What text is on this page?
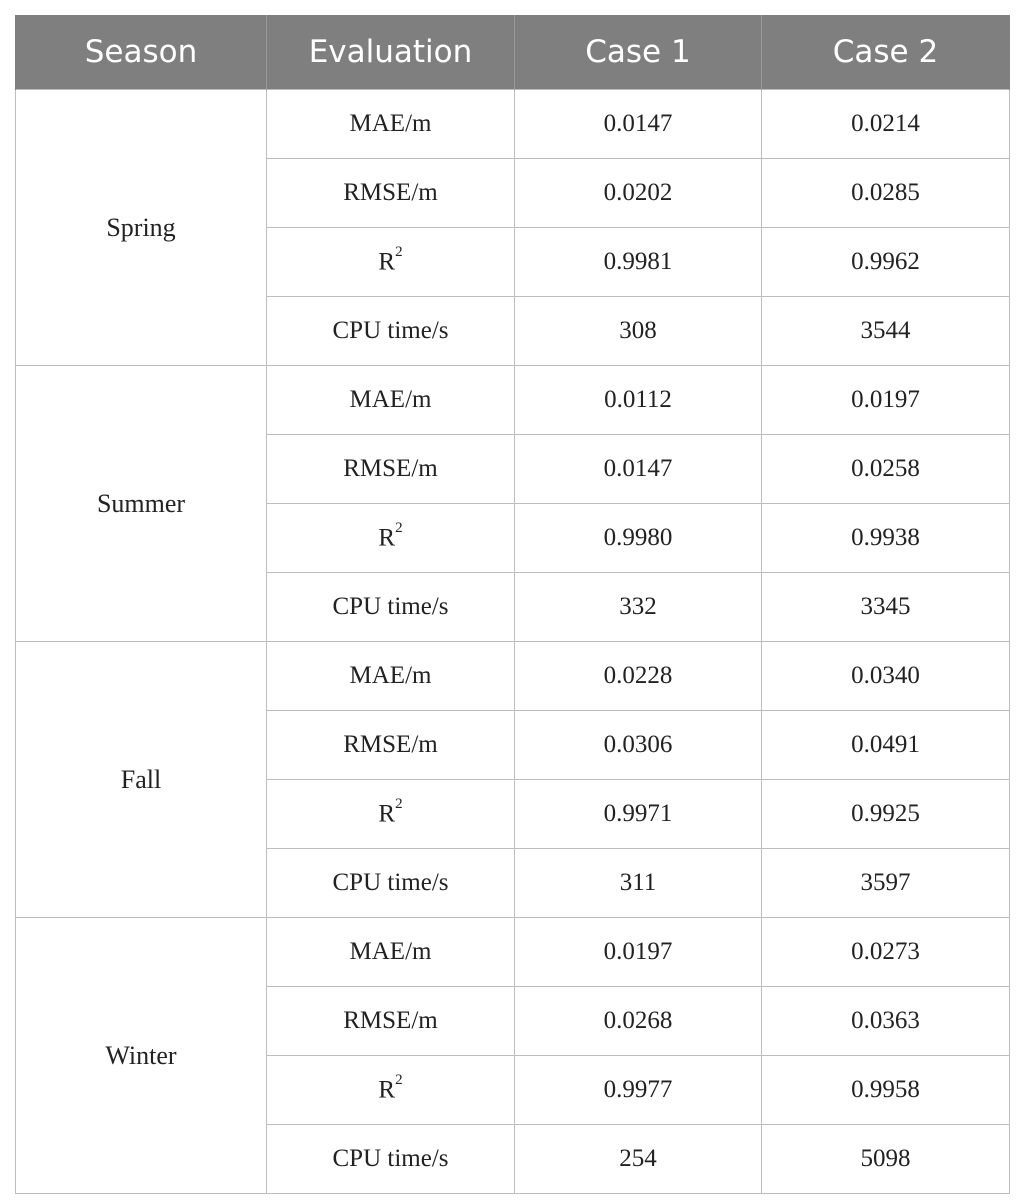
Season	Evaluation	Case 1	Case 2
Spring	MAE/m	0.0147	0.0214
	RMSE/m	0.0202	0.0285
	$R^2$	0.9981	0.9962
	CPU time/s	308	3544
Summer	MAE/m	0.0112	0.0197
	RMSE/m	0.0147	0.0258
	$R^2$	0.9980	0.9938
	CPU time/s	332	3345
Fall	MAE/m	0.0228	0.0340
	RMSE/m	0.0306	0.0491
	$R^2$	0.9971	0.9925
	CPU time/s	311	3597
Winter	MAE/m	0.0197	0.0273
	RMSE/m	0.0268	0.0363
	$R^2$	0.9977	0.9958
	CPU time/s	254	5098
